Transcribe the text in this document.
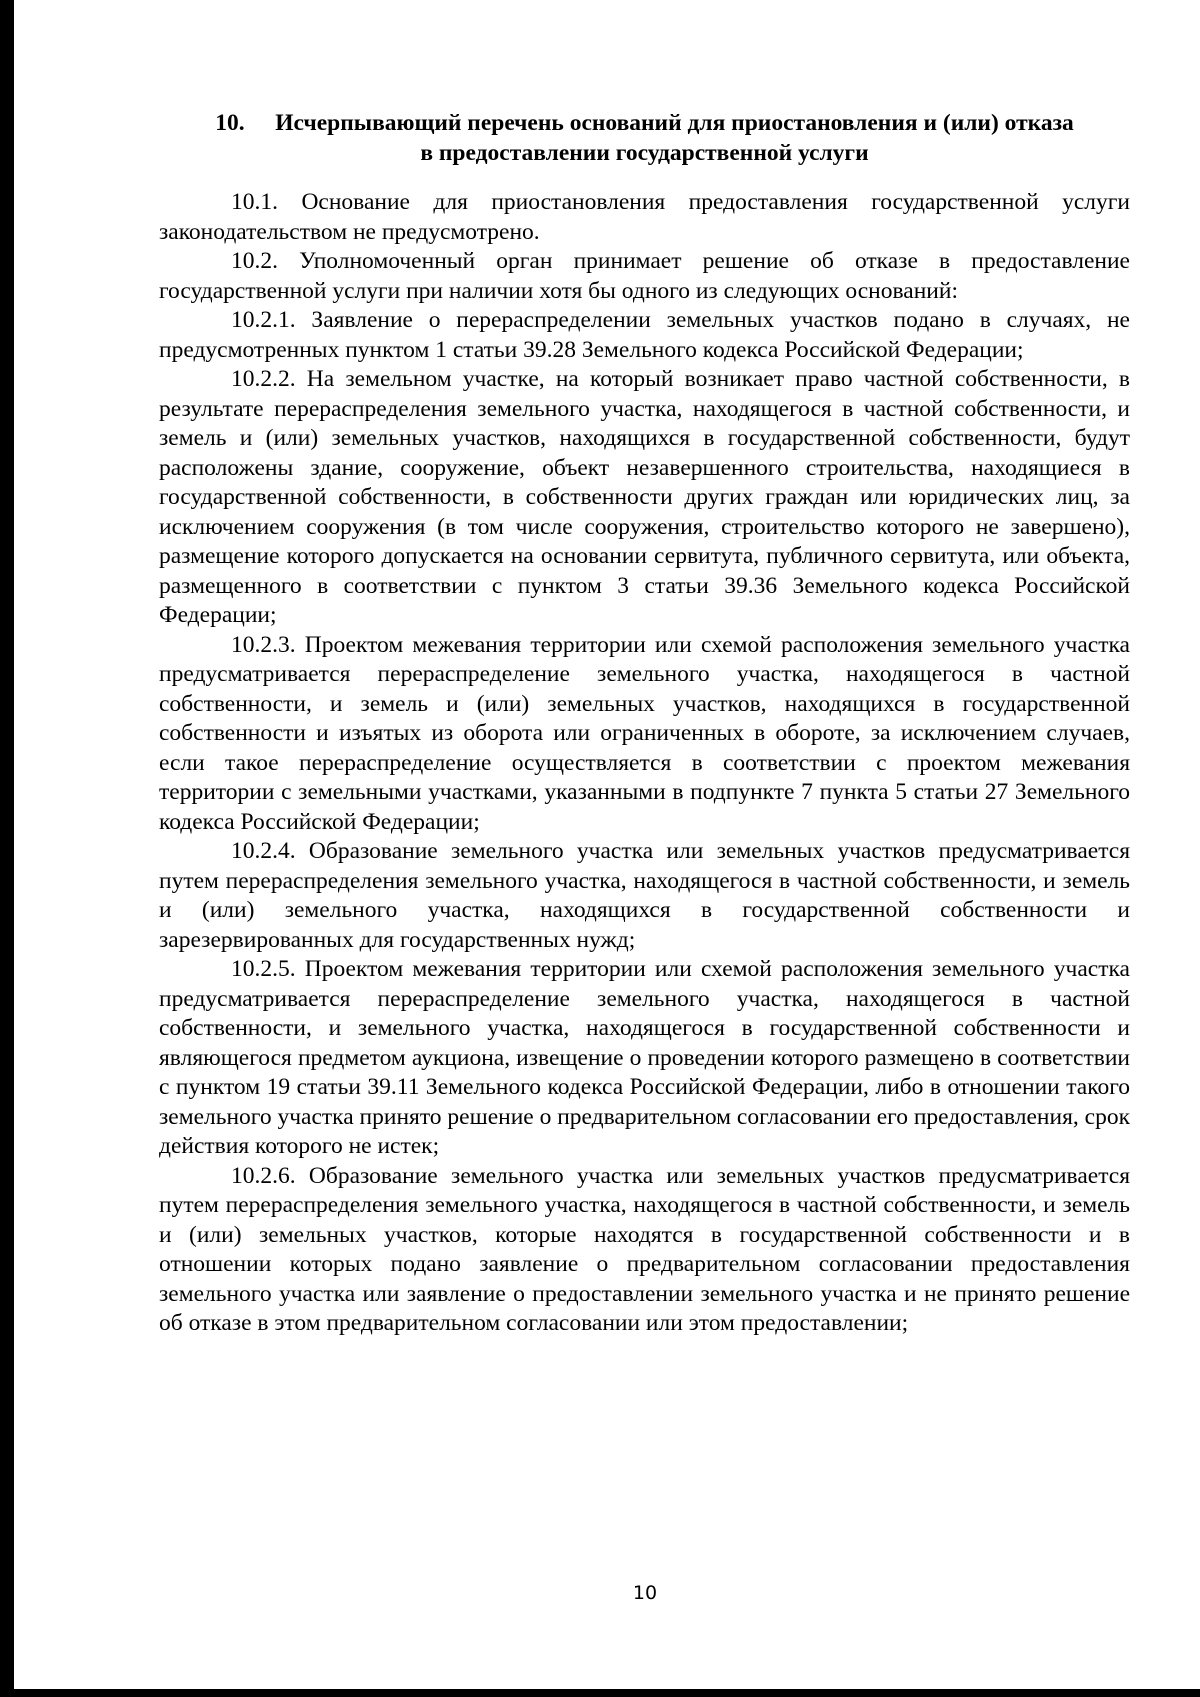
10. Исчерпывающий перечень оснований для приостановления и (или) отказа
в предоставлении государственной услуги

10.1. Основание для приостановления предоставления государственной услуги законодательством не предусмотрено.

10.2. Уполномоченный орган принимает решение об отказе в предоставление государственной услуги при наличии хотя бы одного из следующих оснований:

10.2.1. Заявление о перераспределении земельных участков подано в случаях, не предусмотренных пунктом 1 статьи 39.28 Земельного кодекса Российской Федерации;

10.2.2. На земельном участке, на который возникает право частной собственности, в результате перераспределения земельного участка, находящегося в частной собственности, и земель и (или) земельных участков, находящихся в государственной собственности, будут расположены здание, сооружение, объект незавершенного строительства, находящиеся в государственной собственности, в собственности других граждан или юридических лиц, за исключением сооружения (в том числе сооружения, строительство которого не завершено), размещение которого допускается на основании сервитута, публичного сервитута, или объекта, размещенного в соответствии с пунктом 3 статьи 39.36 Земельного кодекса Российской Федерации;

10.2.3. Проектом межевания территории или схемой расположения земельного участка предусматривается перераспределение земельного участка, находящегося в частной собственности, и земель и (или) земельных участков, находящихся в государственной собственности и изъятых из оборота или ограниченных в обороте, за исключением случаев, если такое перераспределение осуществляется в соответствии с проектом межевания территории с земельными участками, указанными в подпункте 7 пункта 5 статьи 27 Земельного кодекса Российской Федерации;

10.2.4. Образование земельного участка или земельных участков предусматривается путем перераспределения земельного участка, находящегося в частной собственности, и земель и (или) земельного участка, находящихся в государственной собственности и зарезервированных для государственных нужд;

10.2.5. Проектом межевания территории или схемой расположения земельного участка предусматривается перераспределение земельного участка, находящегося в частной собственности, и земельного участка, находящегося в государственной собственности и являющегося предметом аукциона, извещение о проведении которого размещено в соответствии с пунктом 19 статьи 39.11 Земельного кодекса Российской Федерации, либо в отношении такого земельного участка принято решение о предварительном согласовании его предоставления, срок действия которого не истек;

10.2.6. Образование земельного участка или земельных участков предусматривается путем перераспределения земельного участка, находящегося в частной собственности, и земель и (или) земельных участков, которые находятся в государственной собственности и в отношении которых подано заявление о предварительном согласовании предоставления земельного участка или заявление о предоставлении земельного участка и не принято решение об отказе в этом предварительном согласовании или этом предоставлении;

10
